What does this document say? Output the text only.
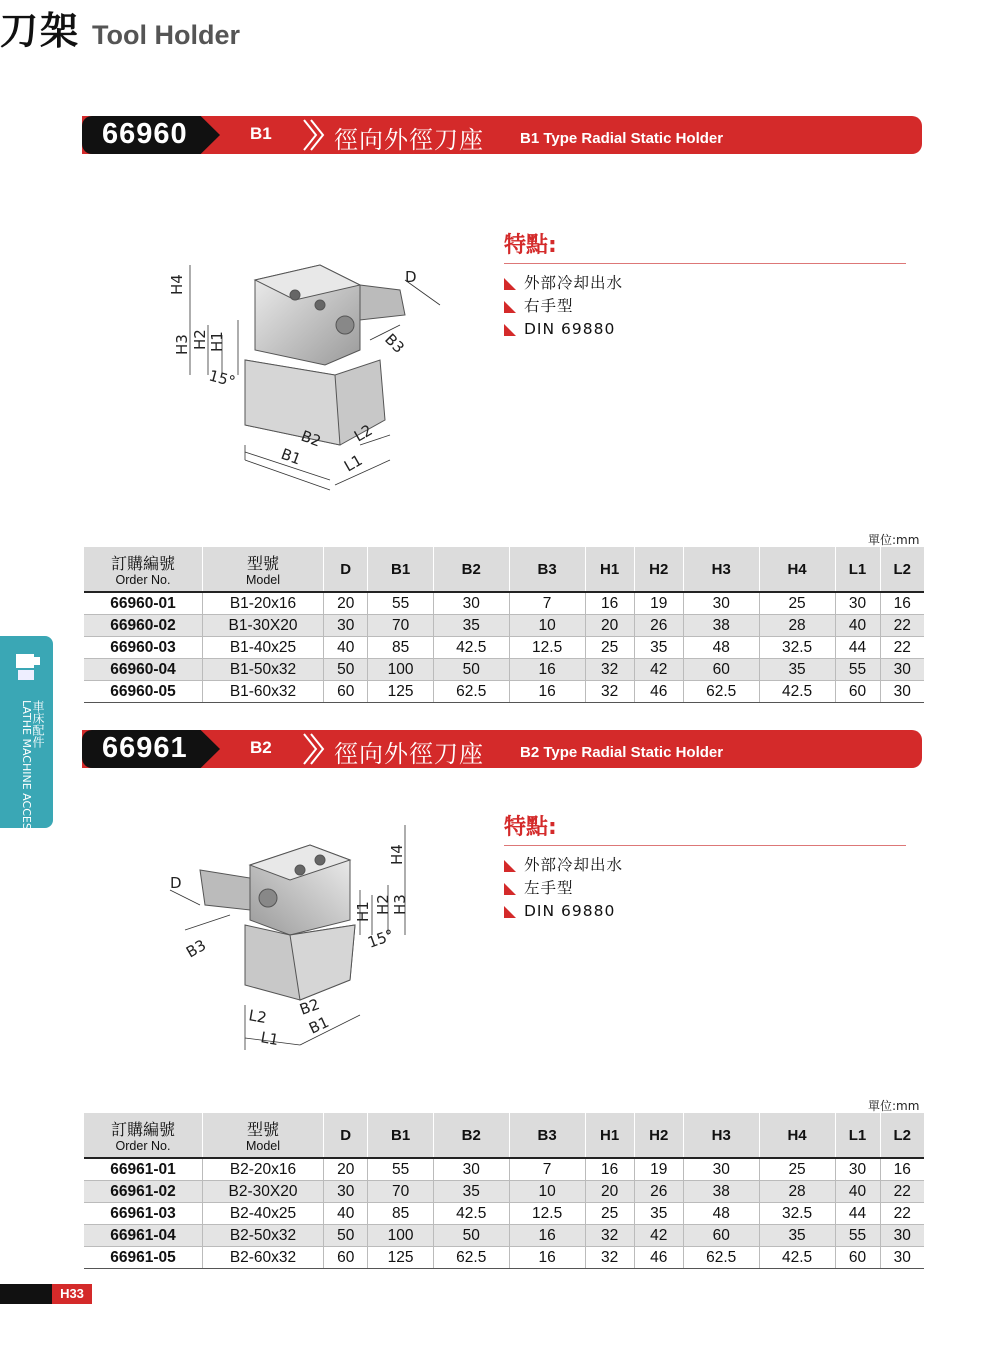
刀架 Tool Holder
66960	B1	徑向外徑刀座 B1 Type Radial Static Holder
H4	D
H3 H2 H1	B3
15°
B2 L2
B1	L1
特點:
外部冷却出水
右手型
DIN 69880
單位:mm
訂購編號
Order No.	型號
Model	D	B1	B2	B3	H1	H2	H3	H4	L1	L2
66960-01	B1-20x16	20	55	30	7	16	19	30	25	30	16
66960-02	B1-30X20	30	70	35	10	20	26	38	28	40	22
66960-03	B1-40x25	40	85	42.5	12.5	25	35	48	32.5	44	22
66960-04	B1-50x32	50	100	50	16	32	42	60	35	55	30
66960-05	B1-60x32	60	125	62.5	16	32	46	62.5	42.5	60	30
66961	B2	徑向外徑刀座 B2 Type Radial Static Holder
H4
D
H3
H2
H1
B3	15°
B2
L2	B1
L1
特點:
外部冷却出水
左手型
DIN 69880
單位:mm
訂購編號
Order No.	型號
Model	D	B1	B2	B3	H1	H2	H3	H4	L1	L2
66961-01	B2-20x16	20	55	30	7	16	19	30	25	30	16
66961-02	B2-30X20	30	70	35	10	20	26	38	28	40	22
66961-03	B2-40x25	40	85	42.5	12.5	25	35	48	32.5	44	22
66961-04	B2-50x32	50	100	50	16	32	42	60	35	55	30
66961-05	B2-60x32	60	125	62.5	16	32	46	62.5	42.5	60	30
車床配件
LATHE MACHINE ACCESSORIES
H33
